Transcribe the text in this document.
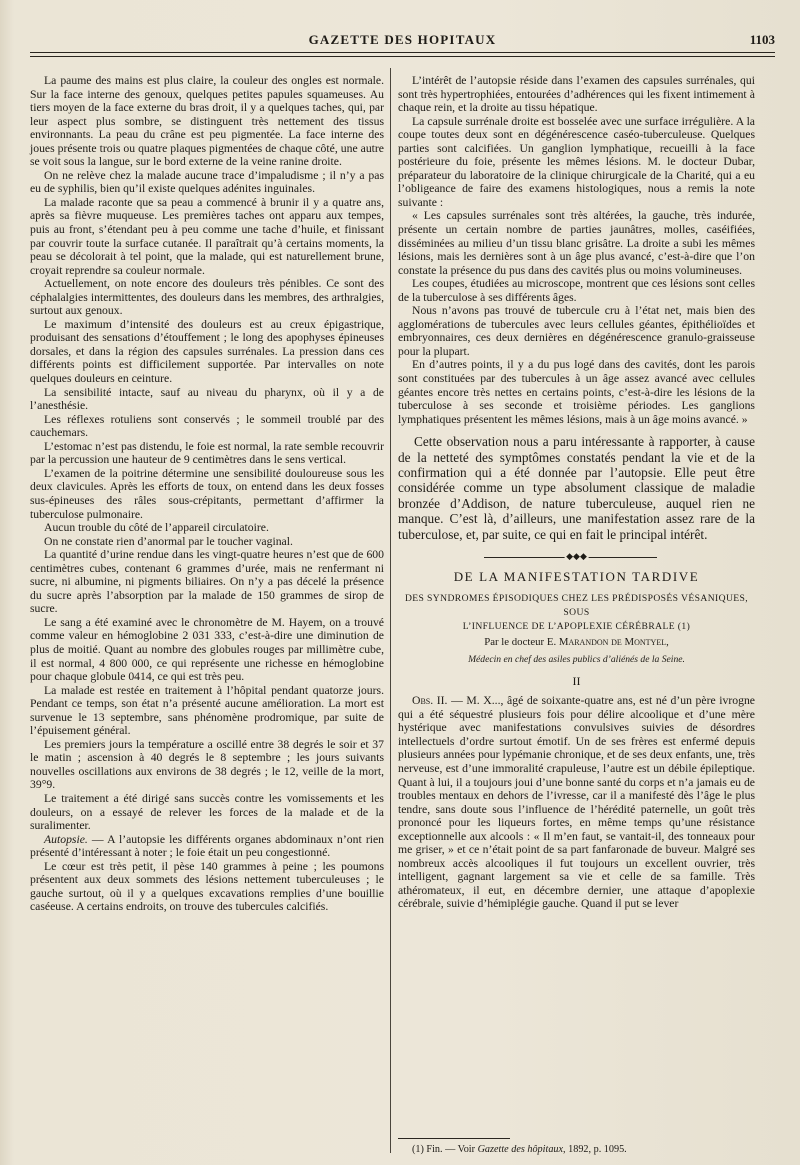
GAZETTE DES HOPITAUX	1103

La paume des mains est plus claire, la couleur des ongles est normale. Sur la face interne des genoux, quelques petites papules squameuses. Au tiers moyen de la face externe du bras droit, il y a quelques taches, qui, par leur aspect plus sombre, se distinguent très nettement des tissus environnants. La peau du crâne est peu pigmentée. La face interne des joues présente trois ou quatre plaques pigmentées de chaque côté, une autre se voit sous la langue, sur le bord externe de la veine ranine droite.

On ne relève chez la malade aucune trace d’impaludisme ; il n’y a pas eu de syphilis, bien qu’il existe quelques adénites inguinales.

La malade raconte que sa peau a commencé à brunir il y a quatre ans, après sa fièvre muqueuse. Les premières taches ont apparu aux tempes, puis au front, s’étendant peu à peu comme une tache d’huile, et finissant par couvrir toute la surface cutanée. Il paraîtrait qu’à certains moments, la peau se décolorait à tel point, que la malade, qui est naturellement brune, croyait reprendre sa couleur normale.

Actuellement, on note encore des douleurs très pénibles. Ce sont des céphalalgies intermittentes, des douleurs dans les membres, des arthralgies, surtout aux genoux.

Le maximum d’intensité des douleurs est au creux épigastrique, produisant des sensations d’étouffement ; le long des apophyses épineuses dorsales, et dans la région des capsules surrénales. La pression dans ces différents points est difficilement supportée. Par intervalles on note quelques douleurs en ceinture.

La sensibilité intacte, sauf au niveau du pharynx, où il y a de l’anesthésie.

Les réflexes rotuliens sont conservés ; le sommeil troublé par des cauchemars.

L’estomac n’est pas distendu, le foie est normal, la rate semble recouvrir par la percussion une hauteur de 9 centimètres dans le sens vertical.

L’examen de la poitrine détermine une sensibilité douloureuse sous les deux clavicules. Après les efforts de toux, on entend dans les deux fosses sus-épineuses des râles sous-crépitants, permettant d’affirmer la tuberculose pulmonaire.

Aucun trouble du côté de l’appareil circulatoire.

On ne constate rien d’anormal par le toucher vaginal.

La quantité d’urine rendue dans les vingt-quatre heures n’est que de 600 centimètres cubes, contenant 6 grammes d’urée, mais ne renfermant ni sucre, ni albumine, ni pigments biliaires. On n’y a pas décelé la présence du sucre après l’absorption par la malade de 150 grammes de sirop de sucre.

Le sang a été examiné avec le chronomètre de M. Hayem, on a trouvé comme valeur en hémoglobine 2 031 333, c’est-à-dire une diminution de plus de moitié. Quant au nombre des globules rouges par millimètre cube, il est normal, 4 800 000, ce qui représente une richesse en hémoglobine pour chaque globule 0414, ce qui est très peu.

La malade est restée en traitement à l’hôpital pendant quatorze jours. Pendant ce temps, son état n’a présenté aucune amélioration. La mort est survenue le 13 septembre, sans phénomène prodromique, par suite de l’épuisement général.

Les premiers jours la température a oscillé entre 38 degrés le soir et 37 le matin ; ascension à 40 degrés le 8 septembre ; les jours suivants nouvelles oscillations aux environs de 38 degrés ; le 12, veille de la mort, 39°9.

Le traitement a été dirigé sans succès contre les vomissements et les douleurs, on a essayé de relever les forces de la malade et de la suralimenter.

Autopsie. — A l’autopsie les différents organes abdominaux n’ont rien présenté d’intéressant à noter ; le foie était un peu congestionné.

Le cœur est très petit, il pèse 140 grammes à peine ; les poumons présentent aux deux sommets des lésions nettement tuberculeuses ; le gauche surtout, où il y a quelques excavations remplies d’une bouillie caséeuse. A certains endroits, on trouve des tubercules calcifiés.

L’intérêt de l’autopsie réside dans l’examen des capsules surrénales, qui sont très hypertrophiées, entourées d’adhérences qui les fixent intimement à chaque rein, et la droite au tissu hépatique.

La capsule surrénale droite est bosselée avec une surface irrégulière. A la coupe toutes deux sont en dégénérescence caséo-tuberculeuse. Quelques parties sont calcifiées. Un ganglion lymphatique, recueilli à la face postérieure du foie, présente les mêmes lésions. M. le docteur Dubar, préparateur du laboratoire de la clinique chirurgicale de la Charité, qui a eu l’obligeance de faire des examens histologiques, nous a remis la note suivante :

« Les capsules surrénales sont très altérées, la gauche, très indurée, présente un certain nombre de parties jaunâtres, molles, caséifiées, disséminées au milieu d’un tissu blanc grisâtre. La droite a subi les mêmes lésions, mais les dernières sont à un âge plus avancé, c’est-à-dire que l’on constate la présence du pus dans des cavités plus ou moins volumineuses.

Les coupes, étudiées au microscope, montrent que ces lésions sont celles de la tuberculose à ses différents âges.

Nous n’avons pas trouvé de tubercule cru à l’état net, mais bien des agglomérations de tubercules avec leurs cellules géantes, épithélioïdes et embryonnaires, ces deux dernières en dégénérescence granulo-graisseuse pour la plupart.

En d’autres points, il y a du pus logé dans des cavités, dont les parois sont constituées par des tubercules à un âge assez avancé avec cellules géantes encore très nettes en certains points, c’est-à-dire les lésions de la tuberculose à ses seconde et troisième périodes. Les ganglions lymphatiques présentent les mêmes lésions, mais à un âge moins avancé. »

Cette observation nous a paru intéressante à rapporter, à cause de la netteté des symptômes constatés pendant la vie et de la confirmation qui a été donnée par l’autopsie. Elle peut être considérée comme un type absolument classique de maladie bronzée d’Addison, de nature tuberculeuse, auquel rien ne manque. C’est là, d’ailleurs, une manifestation assez rare de la tuberculose, et, par suite, ce qui en fait le principal intérêt.

◆◆◆
DE LA MANIFESTATION TARDIVE
DES SYNDROMES ÉPISODIQUES CHEZ LES PRÉDISPOSÉS VÉSANIQUES, SOUS
L’INFLUENCE DE L’APOPLEXIE CÉRÉBRALE (1)
Par le docteur E. Marandon de Montyel,
Médecin en chef des asiles publics d’aliénés de la Seine.
II

Obs. II. — M. X..., âgé de soixante-quatre ans, est né d’un père ivrogne qui a été séquestré plusieurs fois pour délire alcoolique et d’une mère hystérique avec manifestations convulsives suivies de désordres intellectuels d’ordre surtout émotif. Un de ses frères est enfermé depuis plusieurs années pour lypémanie chronique, et de ses deux enfants, une, très nerveuse, est d’une immoralité crapuleuse, l’autre est un débile épileptique. Quant à lui, il a toujours joui d’une bonne santé du corps et n’a jamais eu de troubles mentaux en dehors de l’ivresse, car il a manifesté dès l’âge le plus tendre, sans doute sous l’influence de l’hérédité paternelle, un goût très prononcé pour les liqueurs fortes, en même temps qu’une résistance exceptionnelle aux alcools : « Il m’en faut, se vantait-il, des tonneaux pour me griser, » et ce n’était point de sa part fanfaronade de buveur. Malgré ses nombreux accès alcooliques il fut toujours un excellent ouvrier, très intelligent, gagnant largement sa vie et celle de sa famille. Très athéromateux, il eut, en décembre dernier, une attaque d’apoplexie cérébrale, suivie d’hémiplégie gauche. Quand il put se lever

(1) Fin. — Voir Gazette des hôpitaux, 1892, p. 1095.
